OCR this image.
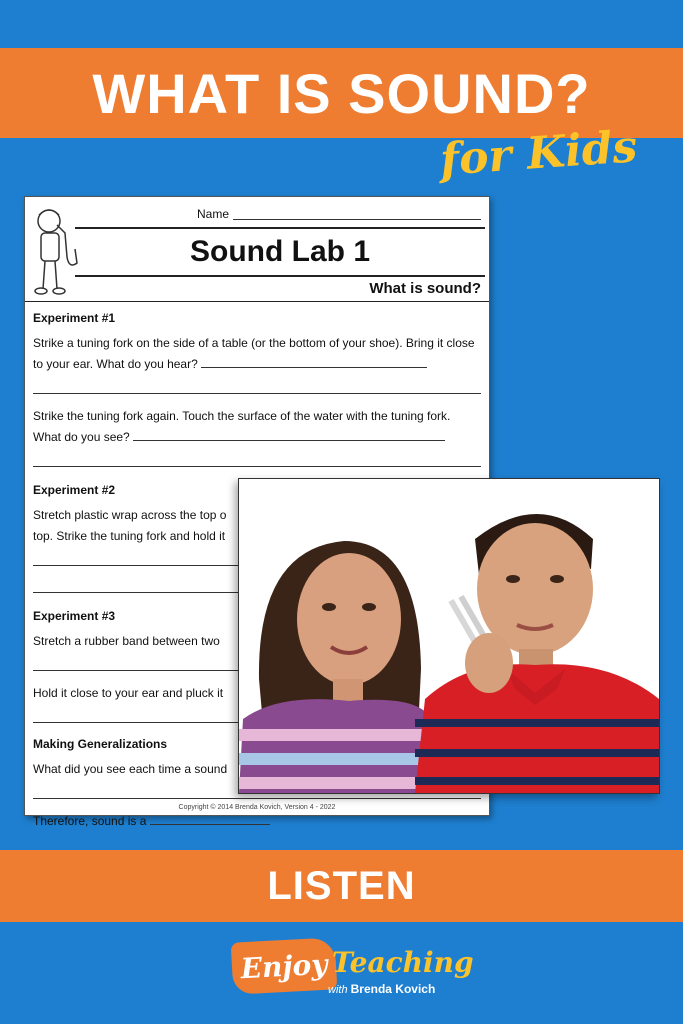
WHAT IS SOUND?
for Kids
Name
Sound Lab 1
What is sound?

Experiment #1

Strike a tuning fork on the side of a table (or the bottom of your shoe). Bring it close to your ear. What do you hear?

Strike the tuning fork again. Touch the surface of the water with the tuning fork. What do you see?

Experiment #2

Stretch plastic wrap across the top o

top. Strike the tuning fork and hold it

Experiment #3

Stretch a rubber band between two

Hold it close to your ear and pluck it

Making Generalizations

What did you see each time a sound

Therefore, sound is a

Copyright © 2014 Brenda Kovich, Version 4 - 2022
LISTEN
Enjoy Teaching
with Brenda Kovich
